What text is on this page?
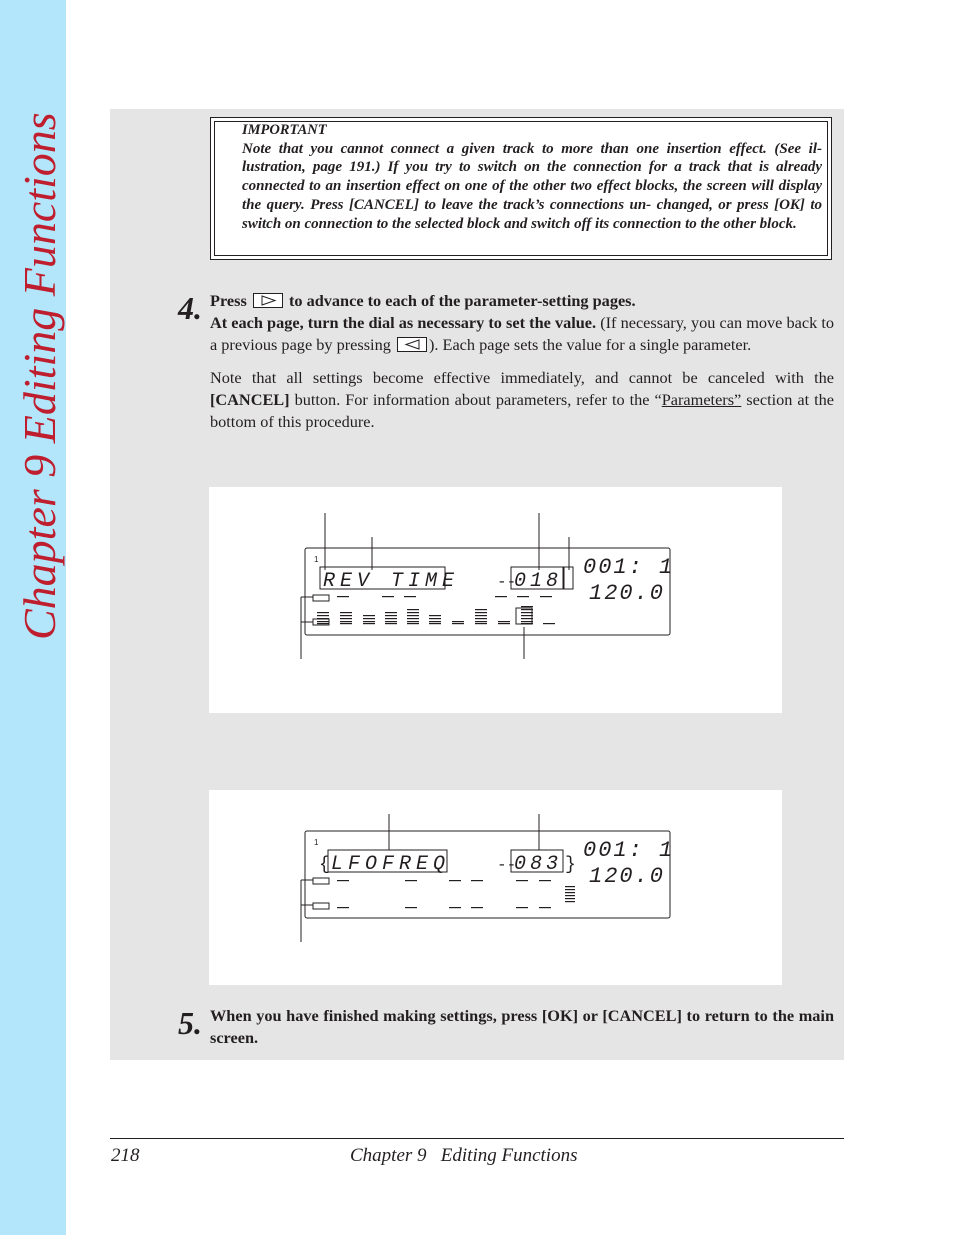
Chapter 9 Editing Functions	IMPORTANT
Note that you cannot connect a given track to more than one insertion effect. (See il- lustration, page 191.) If you try to switch on the connection for a track that is already connected to an insertion effect on one of the other two effect blocks, the screen will display the query. Press [CANCEL] to leave the track’s connections un- changed, or press [OK] to switch on connection to the selected block and switch off its connection to the other block.
4. Press	to advance to each of the parameter-setting pages.
At each page, turn the dial as necessary to set the value. (If necessary, you can move back to a previous page by pressing ). Each page sets the value for a single parameter.
Note that all settings become effective immediately, and cannot be canceled with the [CANCEL] button. For information about parameters, refer to the “Parameters” section at the bottom of this procedure.
1
REV TIME --
018
001: 1
120.0
1
{ LFOFREQ	--
083 }
001: 1
120.0
5. When you have finished making settings, press [OK] or [CANCEL] to return to the main screen.
218	Chapter 9   Editing Functions
